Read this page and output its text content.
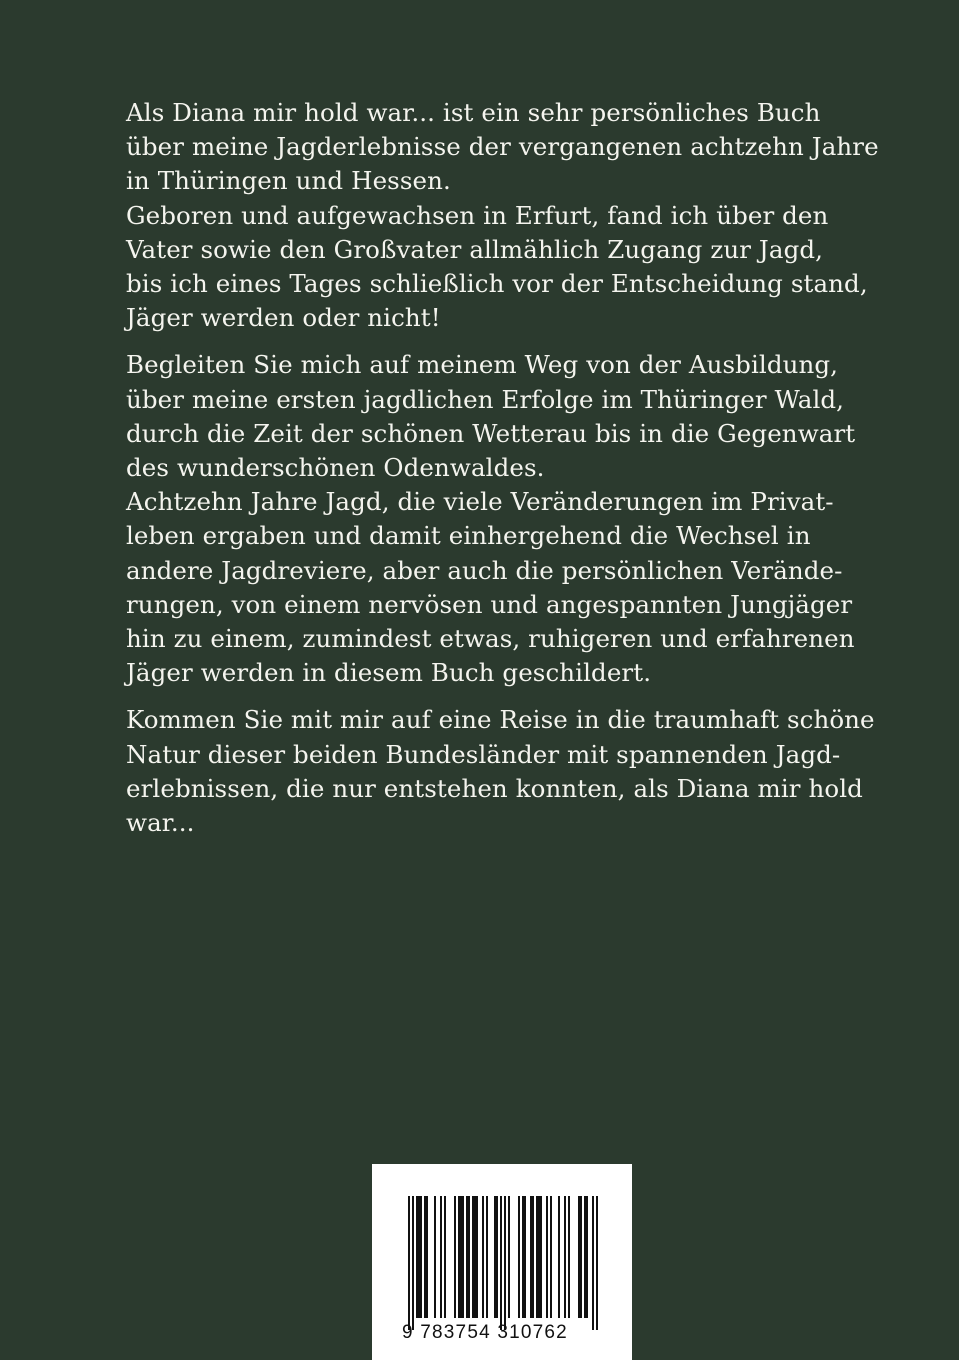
Als Diana mir hold war... ist ein sehr persönliches Buch
über meine Jagderlebnisse der vergangenen achtzehn Jahre
in Thüringen und Hessen.
Geboren und aufgewachsen in Erfurt, fand ich über den
Vater sowie den Großvater allmählich Zugang zur Jagd,
bis ich eines Tages schließlich vor der Entscheidung stand,
Jäger werden oder nicht!

Begleiten Sie mich auf meinem Weg von der Ausbildung,
über meine ersten jagdlichen Erfolge im Thüringer Wald,
durch die Zeit der schönen Wetterau bis in die Gegenwart
des wunderschönen Odenwaldes.
Achtzehn Jahre Jagd, die viele Veränderungen im Privat-
leben ergaben und damit einhergehend die Wechsel in
andere Jagdreviere, aber auch die persönlichen Verände-
rungen, von einem nervösen und angespannten Jungjäger
hin zu einem, zumindest etwas, ruhigeren und erfahrenen
Jäger werden in diesem Buch geschildert.

Kommen Sie mit mir auf eine Reise in die traumhaft schöne
Natur dieser beiden Bundesländer mit spannenden Jagd-
erlebnissen, die nur entstehen konnten, als Diana mir hold
war...

9 783754 310762
